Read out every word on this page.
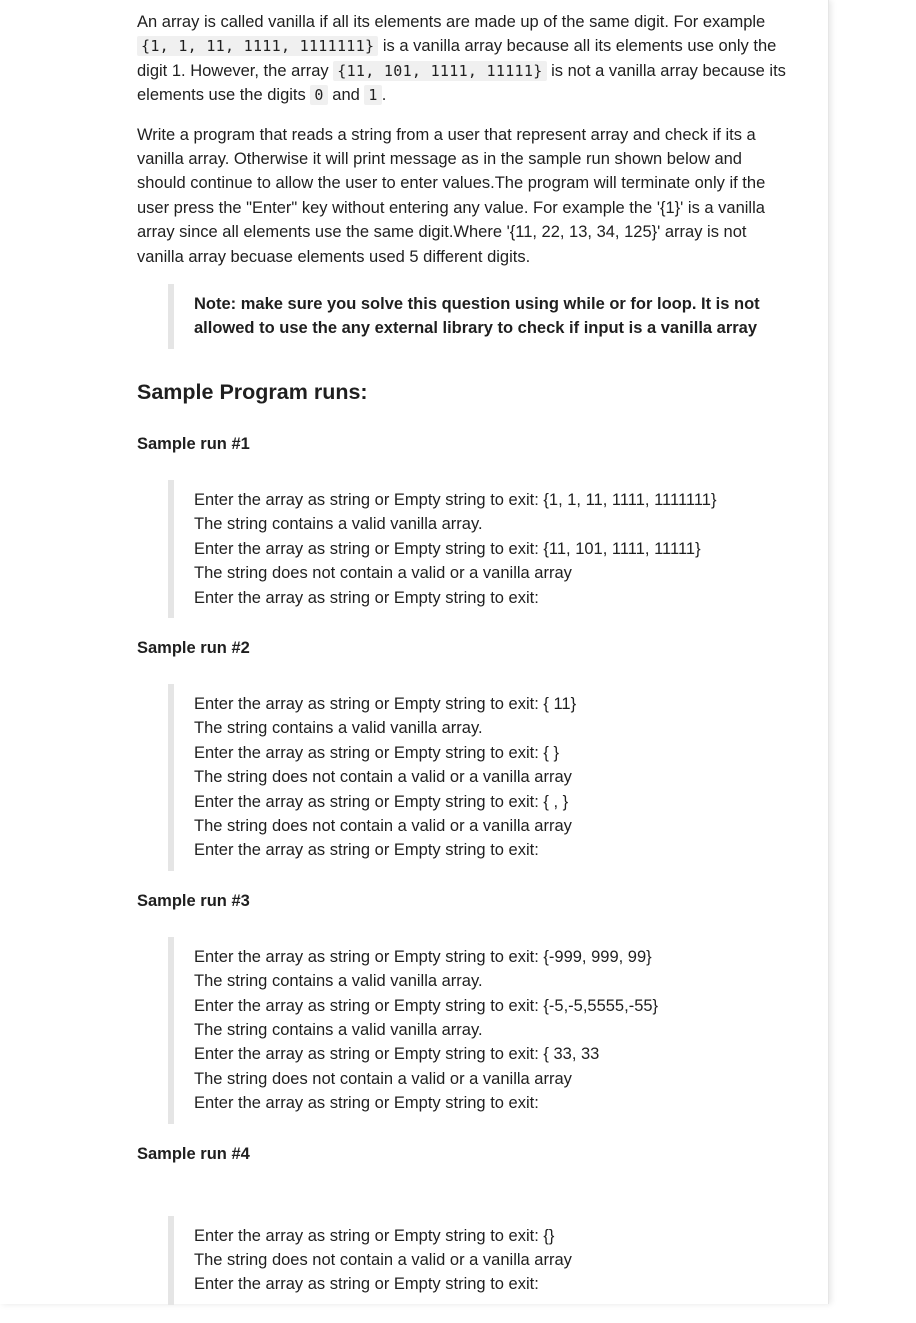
An array is called vanilla if all its elements are made up of the same digit. For example {1, 1, 11, 1111, 1111111} is a vanilla array because all its elements use only the digit 1. However, the array {11, 101, 1111, 11111} is not a vanilla array because its elements use the digits 0 and 1 .

Write a program that reads a string from a user that represent array and check if its a vanilla array. Otherwise it will print message as in the sample run shown below and should continue to allow the user to enter values.The program will terminate only if the user press the "Enter" key without entering any value. For example the '{1}' is a vanilla array since all elements use the same digit.Where '{11, 22, 13, 34, 125}' array is not vanilla array becuase elements used 5 different digits.

Note: make sure you solve this question using while or for loop. It is not allowed to use the any external library to check if input is a vanilla array
Sample Program runs:
Sample run #1
Enter the array as string or Empty string to exit: {1, 1, 11, 1111, 1111111}
The string contains a valid vanilla array.
Enter the array as string or Empty string to exit: {11, 101, 1111, 11111}
The string does not contain a valid or a vanilla array
Enter the array as string or Empty string to exit:
Sample run #2
Enter the array as string or Empty string to exit: { 11}
The string contains a valid vanilla array.
Enter the array as string or Empty string to exit: { }
The string does not contain a valid or a vanilla array
Enter the array as string or Empty string to exit: { , }
The string does not contain a valid or a vanilla array
Enter the array as string or Empty string to exit:
Sample run #3
Enter the array as string or Empty string to exit: {-999, 999, 99}
The string contains a valid vanilla array.
Enter the array as string or Empty string to exit: {-5,-5,5555,-55}
The string contains a valid vanilla array.
Enter the array as string or Empty string to exit: { 33, 33
The string does not contain a valid or a vanilla array
Enter the array as string or Empty string to exit:
Sample run #4
Enter the array as string or Empty string to exit: {}
The string does not contain a valid or a vanilla array
Enter the array as string or Empty string to exit:
